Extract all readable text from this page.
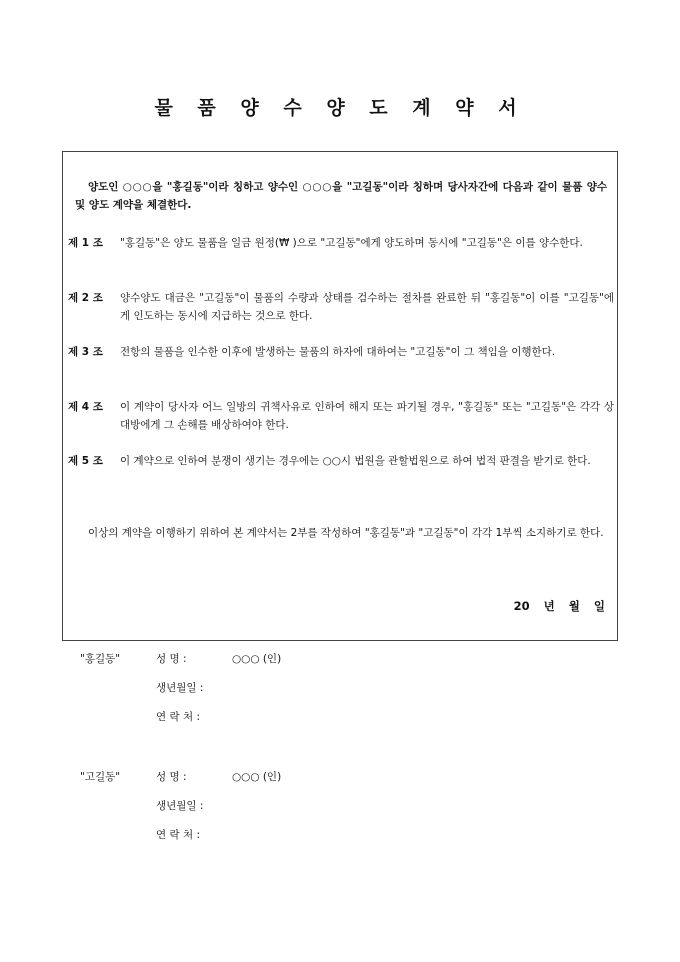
물 품 양 수 양 도 계 약 서

양도인 ○○○을 "홍길동"이라 칭하고 양수인 ○○○을 "고길동"이라 칭하며 당사자간에 다음과 같이 물품 양수 및 양도 계약을 체결한다.

제 1 조	"홍길동"은 양도 물품을 일금 원정(₩ )으로 "고길동"에게 양도하며 동시에 "고길동"은 이를 양수한다.

제 2 조	양수양도 대금은 "고길동"이 물품의 수량과 상태를 검수하는 절차를 완료한 뒤 "홍길동"이 이를 "고길동"에게 인도하는 동시에 지급하는 것으로 한다.

제 3 조	전항의 물품을 인수한 이후에 발생하는 물품의 하자에 대하여는 "고길동"이 그 책임을 이행한다.

제 4 조	이 계약이 당사자 어느 일방의 귀책사유로 인하여 해지 또는 파기될 경우, "홍길동" 또는 "고길동"은 각각 상대방에게 그 손해를 배상하여야 한다.

제 5 조	이 계약으로 인하여 분쟁이 생기는 경우에는 ○○시 법원을 관할법원으로 하여 법적 판결을 받기로 한다.

이상의 계약을 이행하기 위하여 본 계약서는 2부를 작성하여 "홍길동"과 "고길동"이 각각 1부씩 소지하기로 한다.

20 년 월 일
"홍길동"	성 명 :	○○○ (인)
생년월일 :
연 락 처 :
"고길동"	성 명 :	○○○ (인)
생년월일 :
연 락 처 :
